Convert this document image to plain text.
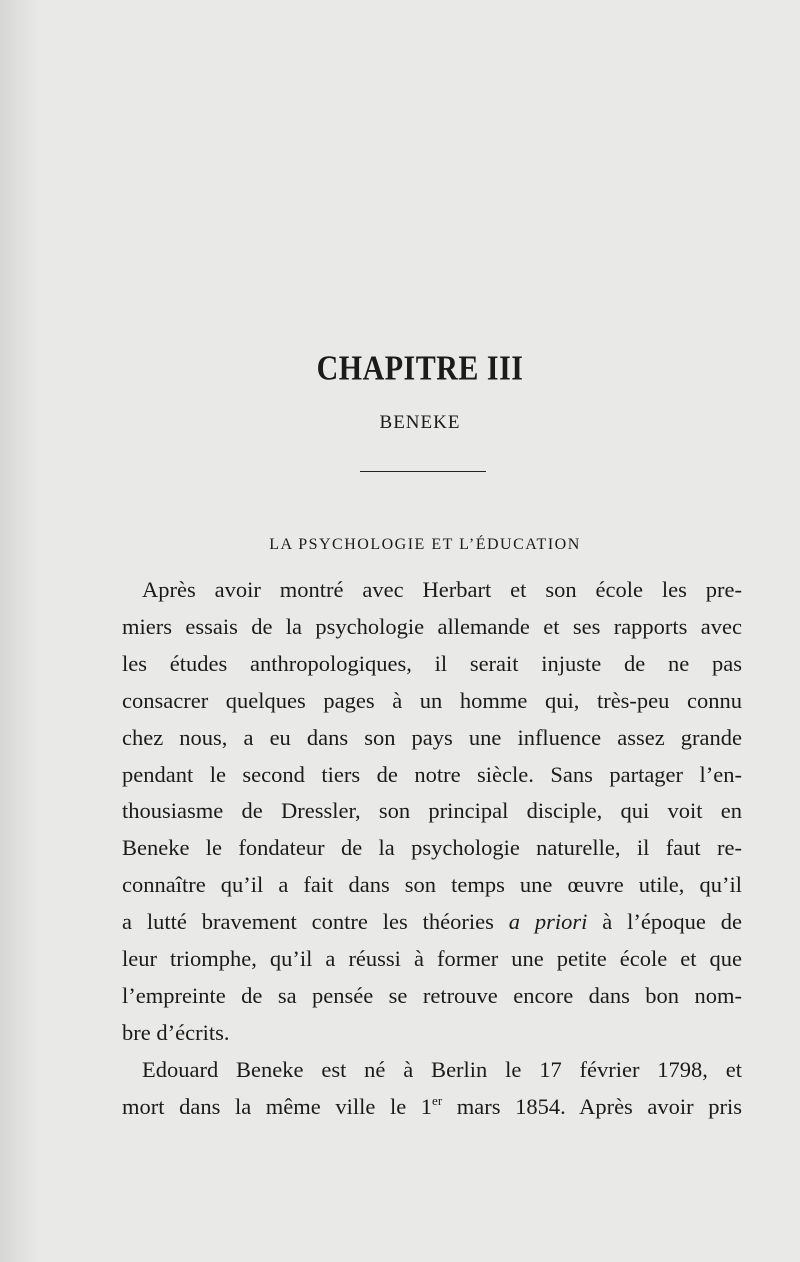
CHAPITRE III
BENEKE
LA PSYCHOLOGIE ET L’ÉDUCATION
Après avoir montré avec Herbart et son école les pre-
miers essais de la psychologie allemande et ses rapports avec
les études anthropologiques, il serait injuste de ne pas
consacrer quelques pages à un homme qui, très-peu connu
chez nous, a eu dans son pays une influence assez grande
pendant le second tiers de notre siècle. Sans partager l’en-
thousiasme de Dressler, son principal disciple, qui voit en
Beneke le fondateur de la psychologie naturelle, il faut re-
connaître qu’il a fait dans son temps une œuvre utile, qu’il
a lutté bravement contre les théories a priori à l’époque de
leur triomphe, qu’il a réussi à former une petite école et que
l’empreinte de sa pensée se retrouve encore dans bon nom-
bre d’écrits.
Edouard Beneke est né à Berlin le 17 février 1798, et
mort dans la même ville le 1er mars 1854. Après avoir pris
